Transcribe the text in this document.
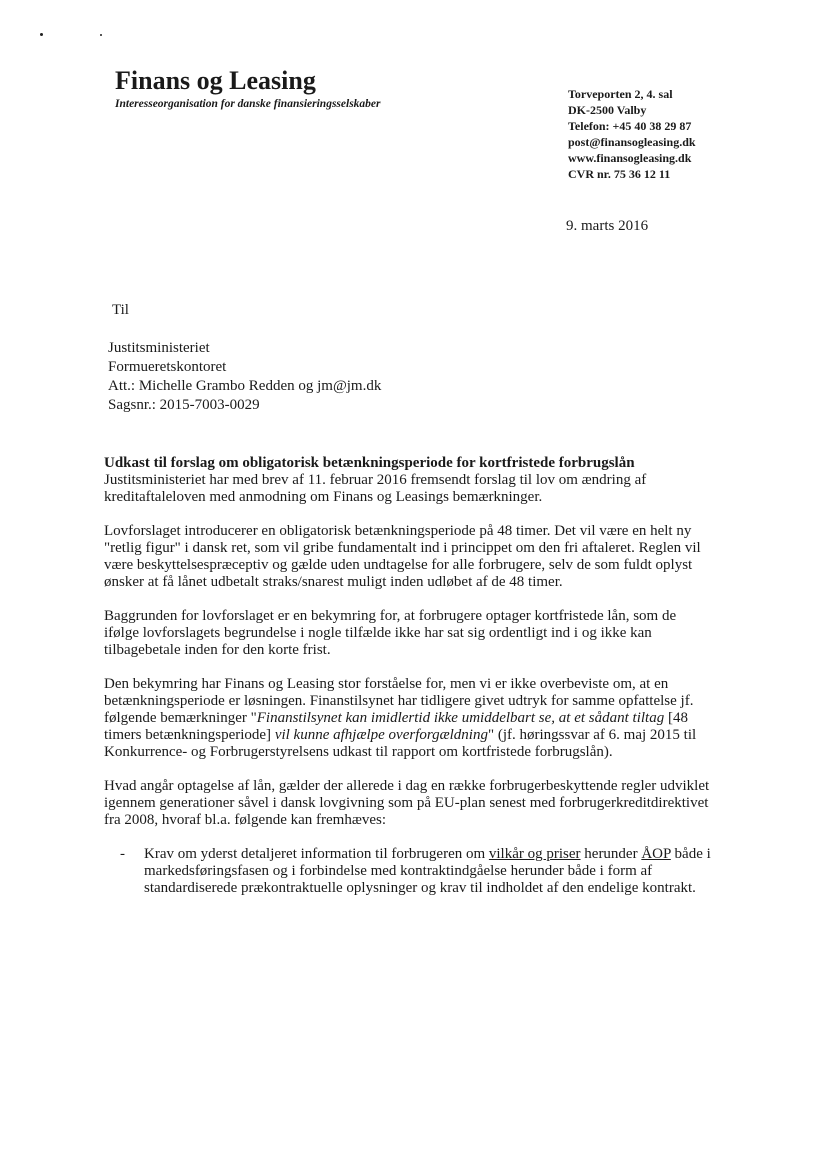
Finans og Leasing
Interesseorganisation for danske finansieringsselskaber
Torveporten 2, 4. sal
DK-2500 Valby
Telefon: +45 40 38 29 87
post@finansogleasing.dk
www.finansogleasing.dk
CVR nr. 75 36 12 11
9. marts 2016
Til
Justitsministeriet
Formueretskontoret
Att.: Michelle Grambo Redden og jm@jm.dk
Sagsnr.: 2015-7003-0029
Udkast til forslag om obligatorisk betænkningsperiode for kortfristede forbrugslån

Justitsministeriet har med brev af 11. februar 2016 fremsendt forslag til lov om ændring af kreditaftaleloven med anmodning om Finans og Leasings bemærkninger.

Lovforslaget introducerer en obligatorisk betænkningsperiode på 48 timer. Det vil være en helt ny "retlig figur" i dansk ret, som vil gribe fundamentalt ind i princippet om den fri aftaleret. Reglen vil være beskyttelsespræceptiv og gælde uden undtagelse for alle forbrugere, selv de som fuldt oplyst ønsker at få lånet udbetalt straks/snarest muligt inden udløbet af de 48 timer.

Baggrunden for lovforslaget er en bekymring for, at forbrugere optager kortfristede lån, som de ifølge lovforslagets begrundelse i nogle tilfælde ikke har sat sig ordentligt ind i og ikke kan tilbagebetale inden for den korte frist.

Den bekymring har Finans og Leasing stor forståelse for, men vi er ikke overbeviste om, at en betænkningsperiode er løsningen. Finanstilsynet har tidligere givet udtryk for samme opfattelse jf. følgende bemærkninger "Finanstilsynet kan imidlertid ikke umiddelbart se, at et sådant tiltag [48 timers betænkningsperiode] vil kunne afhjælpe overforgældning" (jf. høringssvar af 6. maj 2015 til Konkurrence- og Forbrugerstyrelsens udkast til rapport om kortfristede forbrugslån).

Hvad angår optagelse af lån, gælder der allerede i dag en række forbrugerbeskyttende regler udviklet igennem generationer såvel i dansk lovgivning som på EU-plan senest med forbrugerkreditdirektivet fra 2008, hvoraf bl.a. følgende kan fremhæves:

-	Krav om yderst detaljeret information til forbrugeren om vilkår og priser herunder ÅOP både i markedsføringsfasen og i forbindelse med kontraktindgåelse herunder både i form af standardiserede prækontraktuelle oplysninger og krav til indholdet af den endelige kontrakt.
